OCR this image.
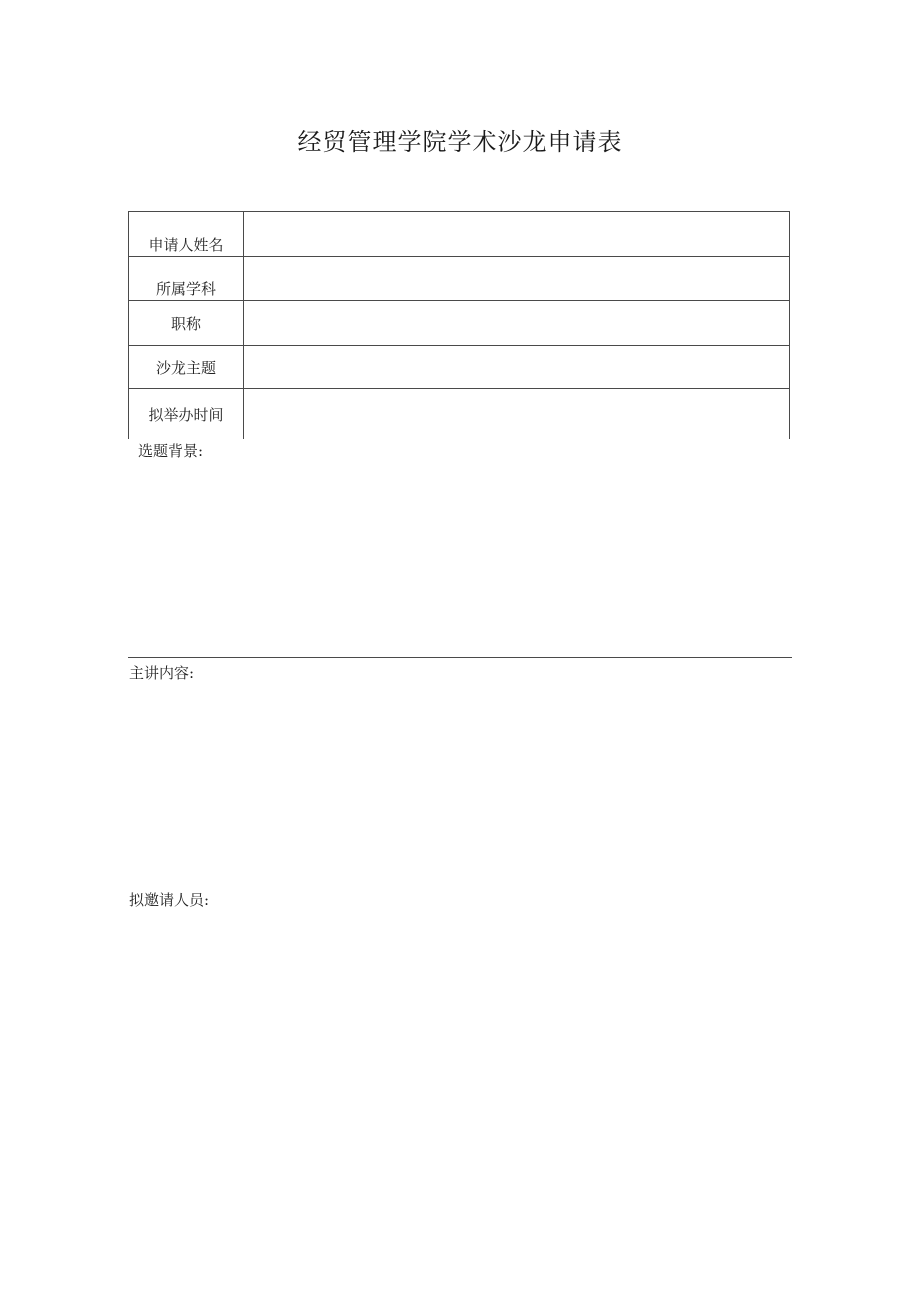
经贸管理学院学术沙龙申请表
申请人姓名	
所属学科	
职称	
沙龙主题	
拟举办时间	
选题背景:
主讲内容:
拟邀请人员:
